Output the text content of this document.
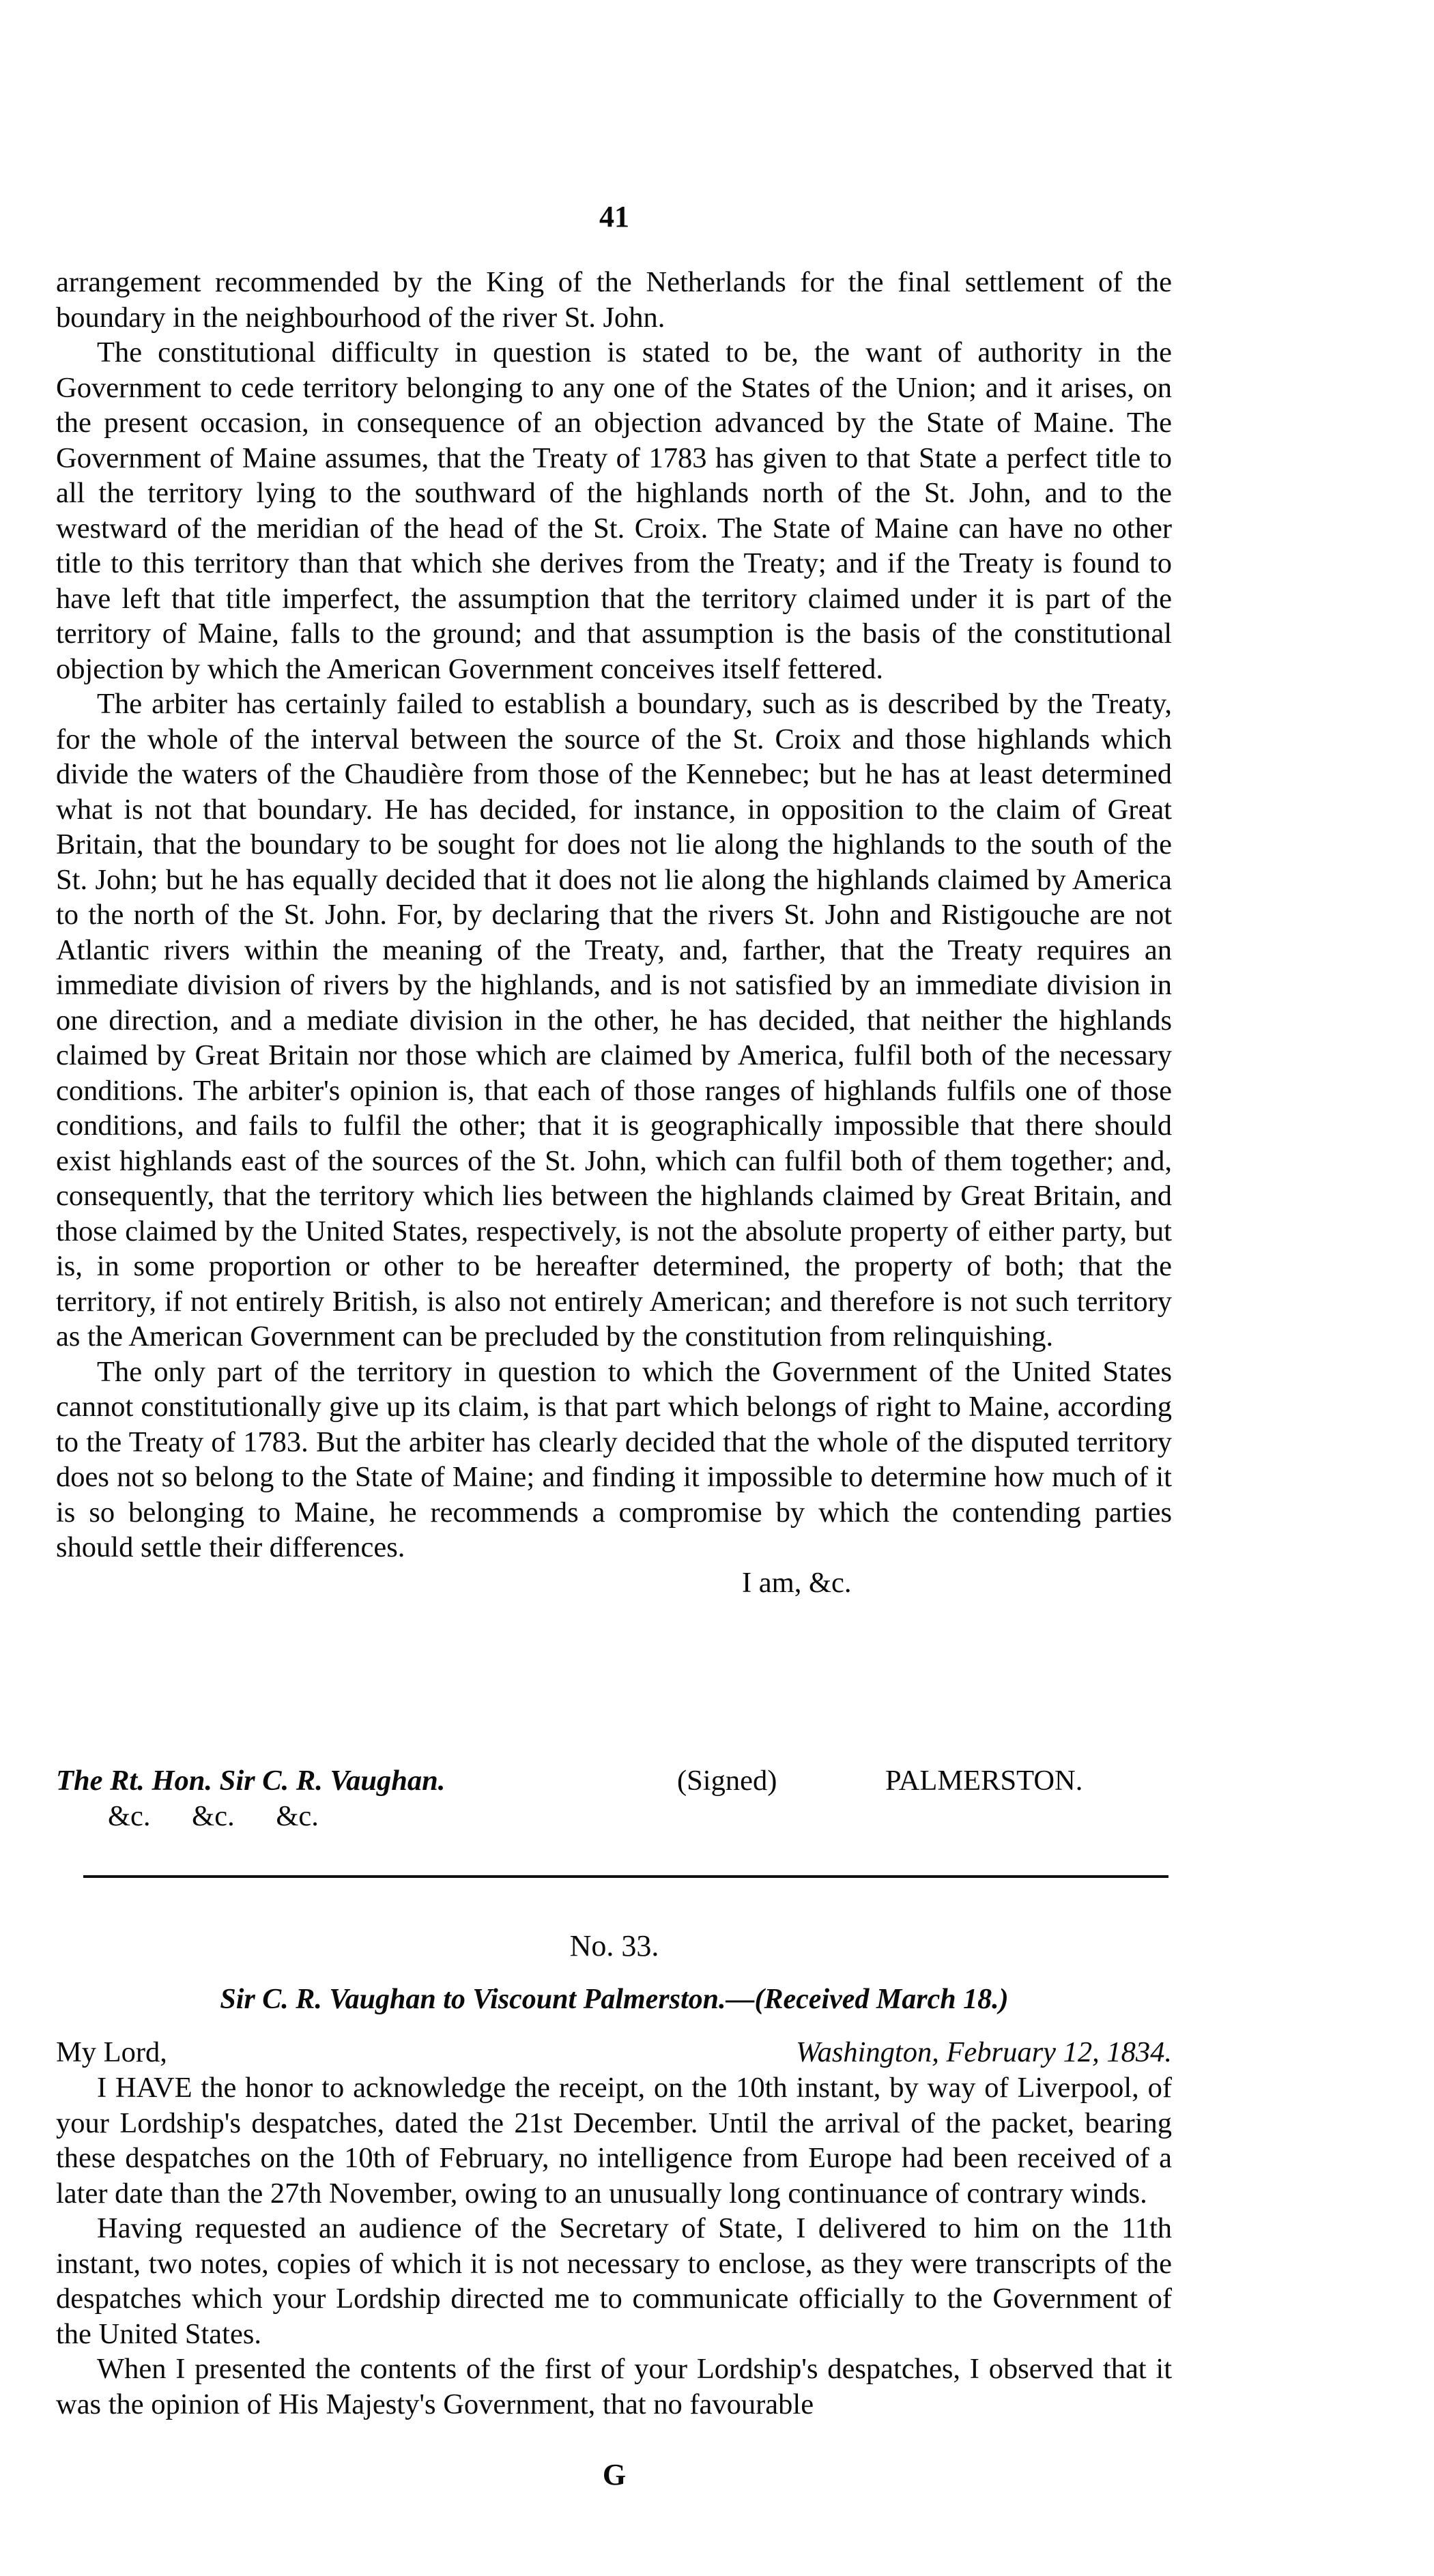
41

arrangement recommended by the King of the Netherlands for the final settlement of the boundary in the neighbourhood of the river St. John.

The constitutional difficulty in question is stated to be, the want of authority in the Government to cede territory belonging to any one of the States of the Union; and it arises, on the present occasion, in consequence of an objection advanced by the State of Maine. The Government of Maine assumes, that the Treaty of 1783 has given to that State a perfect title to all the territory lying to the southward of the highlands north of the St. John, and to the westward of the meridian of the head of the St. Croix. The State of Maine can have no other title to this territory than that which she derives from the Treaty; and if the Treaty is found to have left that title imperfect, the assumption that the territory claimed under it is part of the territory of Maine, falls to the ground; and that assumption is the basis of the constitutional objection by which the American Government conceives itself fettered.

The arbiter has certainly failed to establish a boundary, such as is described by the Treaty, for the whole of the interval between the source of the St. Croix and those highlands which divide the waters of the Chaudière from those of the Kennebec; but he has at least determined what is not that boundary. He has decided, for instance, in opposition to the claim of Great Britain, that the boundary to be sought for does not lie along the highlands to the south of the St. John; but he has equally decided that it does not lie along the highlands claimed by America to the north of the St. John. For, by declaring that the rivers St. John and Ristigouche are not Atlantic rivers within the meaning of the Treaty, and, farther, that the Treaty requires an immediate division of rivers by the highlands, and is not satisfied by an immediate division in one direction, and a mediate division in the other, he has decided, that neither the highlands claimed by Great Britain nor those which are claimed by America, fulfil both of the necessary conditions. The arbiter's opinion is, that each of those ranges of highlands fulfils one of those conditions, and fails to fulfil the other; that it is geographically impossible that there should exist highlands east of the sources of the St. John, which can fulfil both of them together; and, consequently, that the territory which lies between the highlands claimed by Great Britain, and those claimed by the United States, respectively, is not the absolute property of either party, but is, in some proportion or other to be hereafter determined, the property of both; that the territory, if not entirely British, is also not entirely American; and therefore is not such territory as the American Government can be precluded by the constitution from relinquishing.

The only part of the territory in question to which the Government of the United States cannot constitutionally give up its claim, is that part which belongs of right to Maine, according to the Treaty of 1783. But the arbiter has clearly decided that the whole of the disputed territory does not so belong to the State of Maine; and finding it impossible to determine how much of it is so belonging to Maine, he recommends a compromise by which the contending parties should settle their differences.

I am, &c.

The Rt. Hon. Sir C. R. Vaughan.	(Signed)	PALMERSTON.
&c. &c. &c.
No. 33.
Sir C. R. Vaughan to Viscount Palmerston.—(Received March 18.)
My Lord,	Washington, February 12, 1834.

I HAVE the honor to acknowledge the receipt, on the 10th instant, by way of Liverpool, of your Lordship's despatches, dated the 21st December. Until the arrival of the packet, bearing these despatches on the 10th of February, no intelligence from Europe had been received of a later date than the 27th November, owing to an unusually long continuance of contrary winds.

Having requested an audience of the Secretary of State, I delivered to him on the 11th instant, two notes, copies of which it is not necessary to enclose, as they were transcripts of the despatches which your Lordship directed me to communicate officially to the Government of the United States.

When I presented the contents of the first of your Lordship's despatches, I observed that it was the opinion of His Majesty's Government, that no favourable

G
